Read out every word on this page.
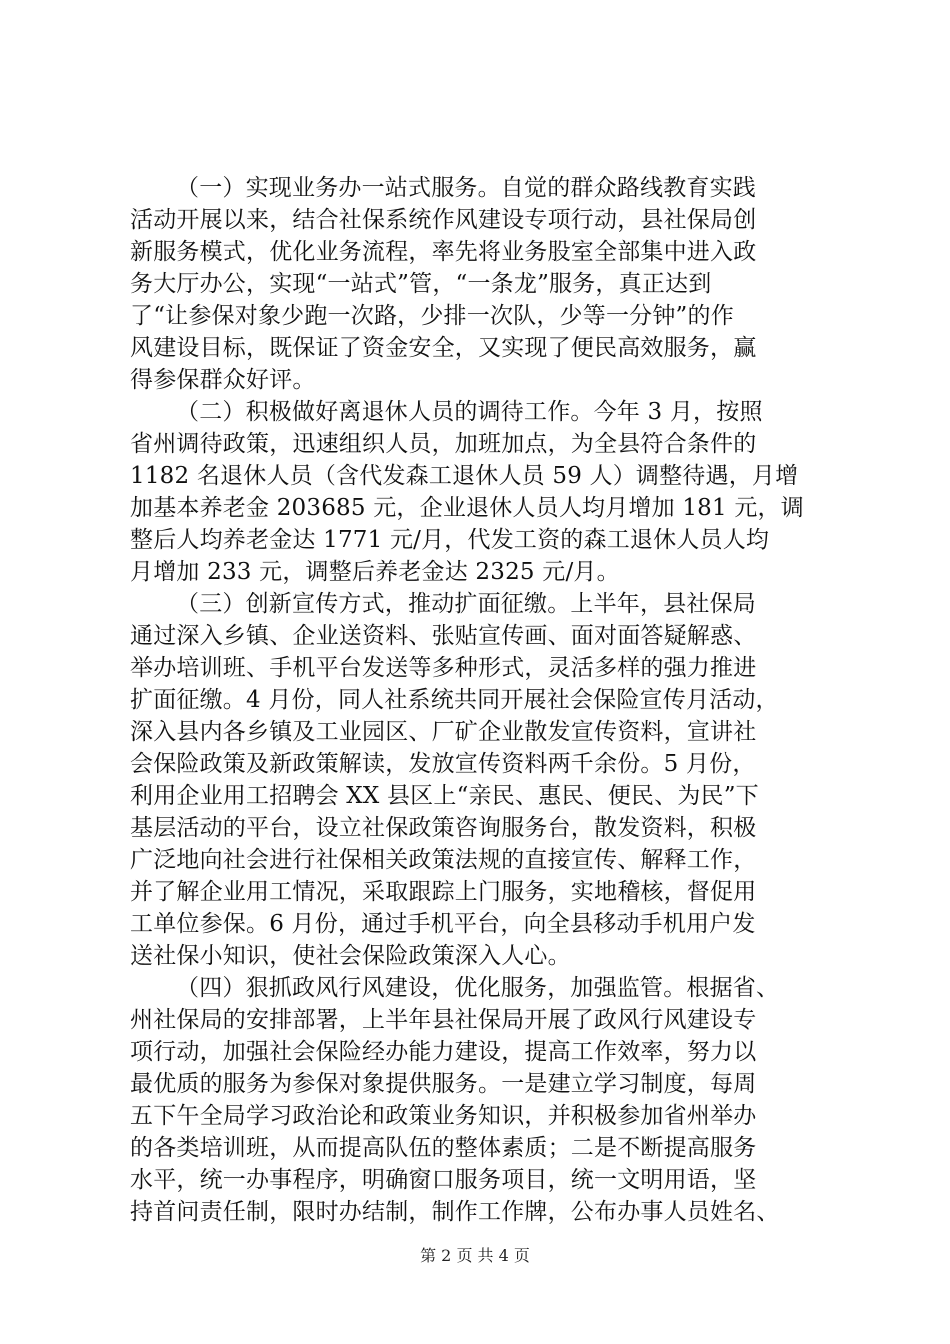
（一）实现业务办一站式服务。自觉的群众路线教育实践
活动开展以来，结合社保系统作风建设专项行动，县社保局创
新服务模式，优化业务流程，率先将业务股室全部集中进入政
务大厅办公，实现“一站式”管，“一条龙”服务，真正达到
了“让参保对象少跑一次路，少排一次队，少等一分钟”的作
风建设目标，既保证了资金安全，又实现了便民高效服务，赢
得参保群众好评。
（二）积极做好离退休人员的调待工作。今年 3 月，按照
省州调待政策，迅速组织人员，加班加点，为全县符合条件的
1182 名退休人员（含代发森工退休人员 59 人）调整待遇，月增
加基本养老金 203685 元，企业退休人员人均月增加 181 元，调
整后人均养老金达 1771 元/月，代发工资的森工退休人员人均
月增加 233 元，调整后养老金达 2325 元/月。
（三）创新宣传方式，推动扩面征缴。上半年，县社保局
通过深入乡镇、企业送资料、张贴宣传画、面对面答疑解惑、
举办培训班、手机平台发送等多种形式，灵活多样的强力推进
扩面征缴。4 月份，同人社系统共同开展社会保险宣传月活动，
深入县内各乡镇及工业园区、厂矿企业散发宣传资料，宣讲社
会保险政策及新政策解读，发放宣传资料两千余份。5 月份，
利用企业用工招聘会 XX 县区上“亲民、惠民、便民、为民”下
基层活动的平台，设立社保政策咨询服务台，散发资料，积极
广泛地向社会进行社保相关政策法规的直接宣传、解释工作，
并了解企业用工情况，采取跟踪上门服务，实地稽核，督促用
工单位参保。6 月份，通过手机平台，向全县移动手机用户发
送社保小知识，使社会保险政策深入人心。
（四）狠抓政风行风建设，优化服务，加强监管。根据省、
州社保局的安排部署，上半年县社保局开展了政风行风建设专
项行动，加强社会保险经办能力建设，提高工作效率，努力以
最优质的服务为参保对象提供服务。一是建立学习制度，每周
五下午全局学习政治论和政策业务知识，并积极参加省州举办
的各类培训班，从而提高队伍的整体素质；二是不断提高服务
水平，统一办事程序，明确窗口服务项目，统一文明用语，坚
持首问责任制，限时办结制，制作工作牌，公布办事人员姓名、
第 2 页 共 4 页
